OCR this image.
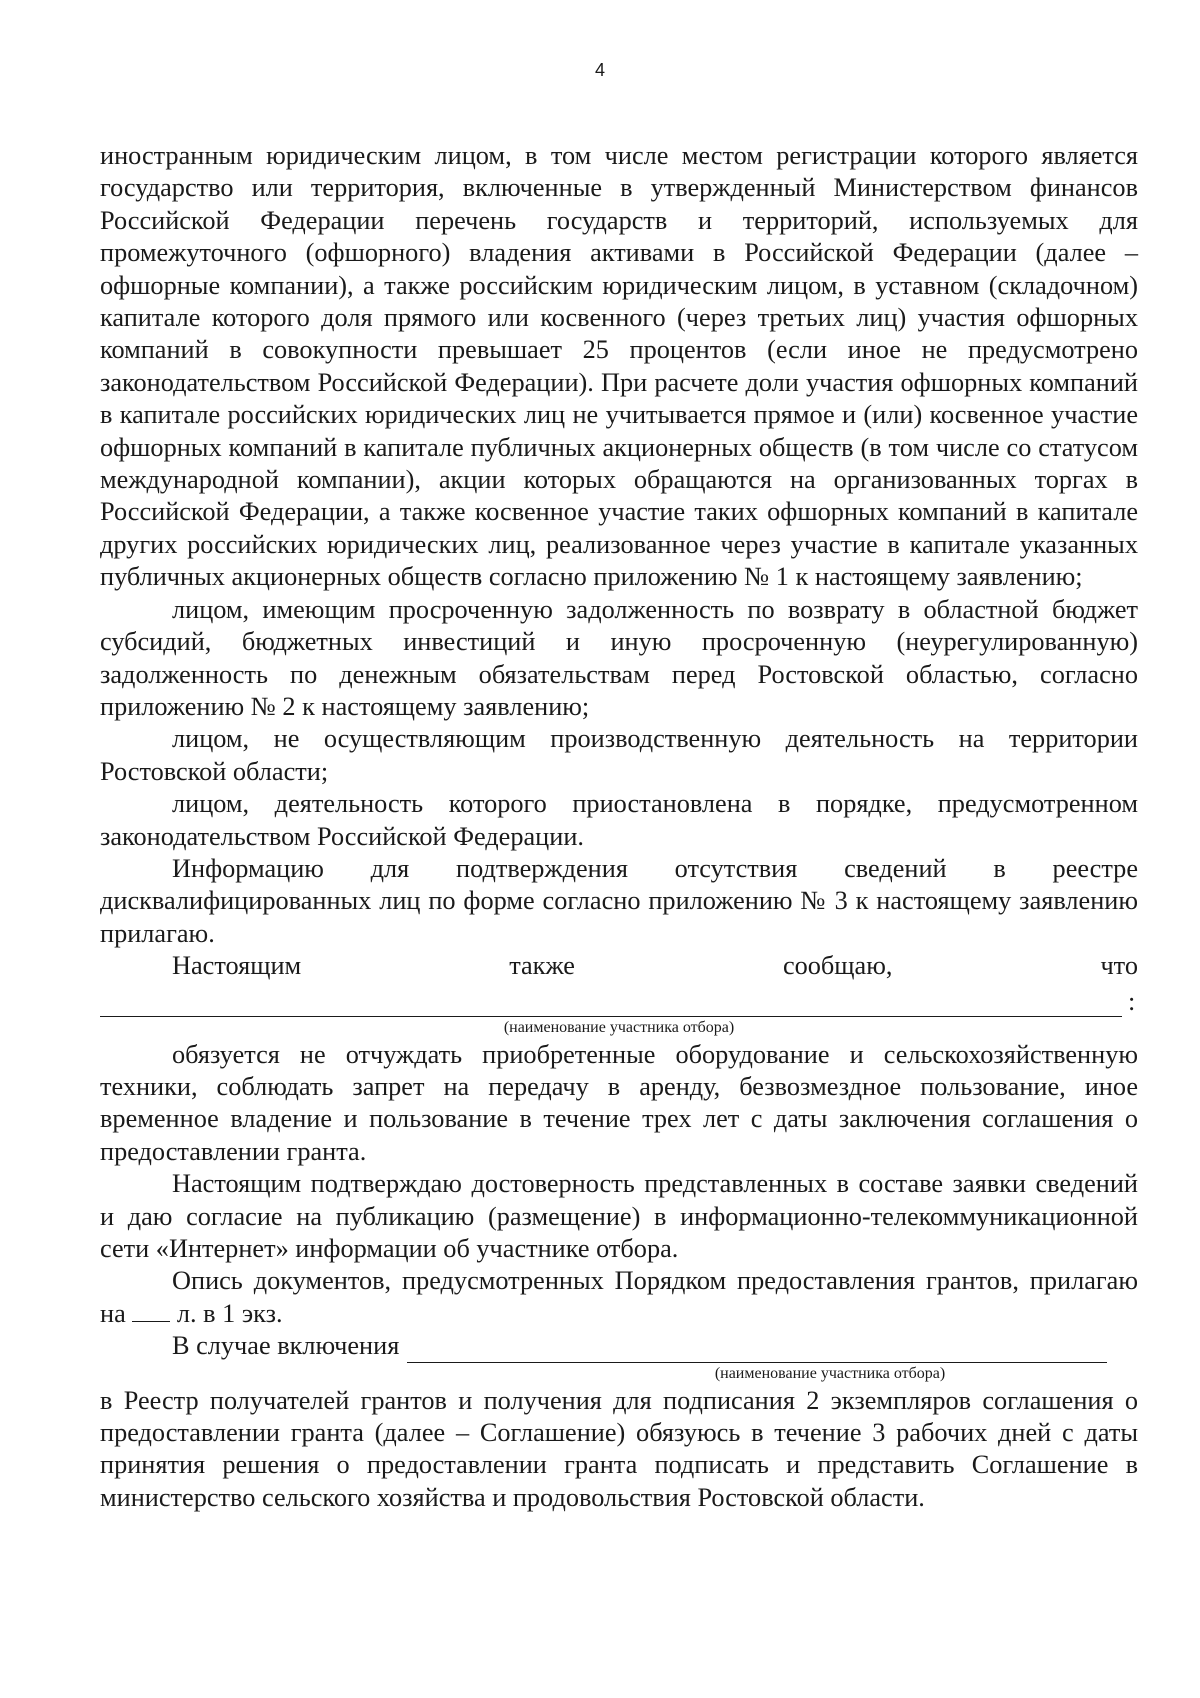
4

иностранным юридическим лицом, в том числе местом регистрации которого является государство или территория, включенные в утвержденный Министерством финансов Российской Федерации перечень государств и территорий, используемых для промежуточного (офшорного) владения активами в Российской Федерации (далее – офшорные компании), а также российским юридическим лицом, в уставном (складочном) капитале которого доля прямого или косвенного (через третьих лиц) участия офшорных компаний в совокупности превышает 25 процентов (если иное не предусмотрено законодательством Российской Федерации). При расчете доли участия офшорных компаний в капитале российских юридических лиц не учитывается прямое и (или) косвенное участие офшорных компаний в капитале публичных акционерных обществ (в том числе со статусом международной компании), акции которых обращаются на организованных торгах в Российской Федерации, а также косвенное участие таких офшорных компаний в капитале других российских юридических лиц, реализованное через участие в капитале указанных публичных акционерных обществ согласно приложению № 1 к настоящему заявлению;

лицом, имеющим просроченную задолженность по возврату в областной бюджет субсидий, бюджетных инвестиций и иную просроченную (неурегулированную) задолженность по денежным обязательствам перед Ростовской областью, согласно приложению № 2 к настоящему заявлению;

лицом, не осуществляющим производственную деятельность на территории Ростовской области;

лицом, деятельность которого приостановлена в порядке, предусмотренном законодательством Российской Федерации.

Информацию для подтверждения отсутствия сведений в реестре дисквалифицированных лиц по форме согласно приложению № 3 к настоящему заявлению прилагаю.

Настоящим	также	сообщаю,	что
:
(наименование участника отбора)

обязуется не отчуждать приобретенные оборудование и сельскохозяйственную техники, соблюдать запрет на передачу в аренду, безвозмездное пользование, иное временное владение и пользование в течение трех лет с даты заключения соглашения о предоставлении гранта.

Настоящим подтверждаю достоверность представленных в составе заявки сведений и даю согласие на публикацию (размещение) в информационно-телекоммуникационной сети «Интернет» информации об участнике отбора.

Опись документов, предусмотренных Порядком предоставления грантов, прилагаю на л. в 1 экз.

В случае включения
(наименование участника отбора)

в Реестр получателей грантов и получения для подписания 2 экземпляров соглашения о предоставлении гранта (далее – Соглашение) обязуюсь в течение 3 рабочих дней с даты принятия решения о предоставлении гранта подписать и представить Соглашение в министерство сельского хозяйства и продовольствия Ростовской области.
